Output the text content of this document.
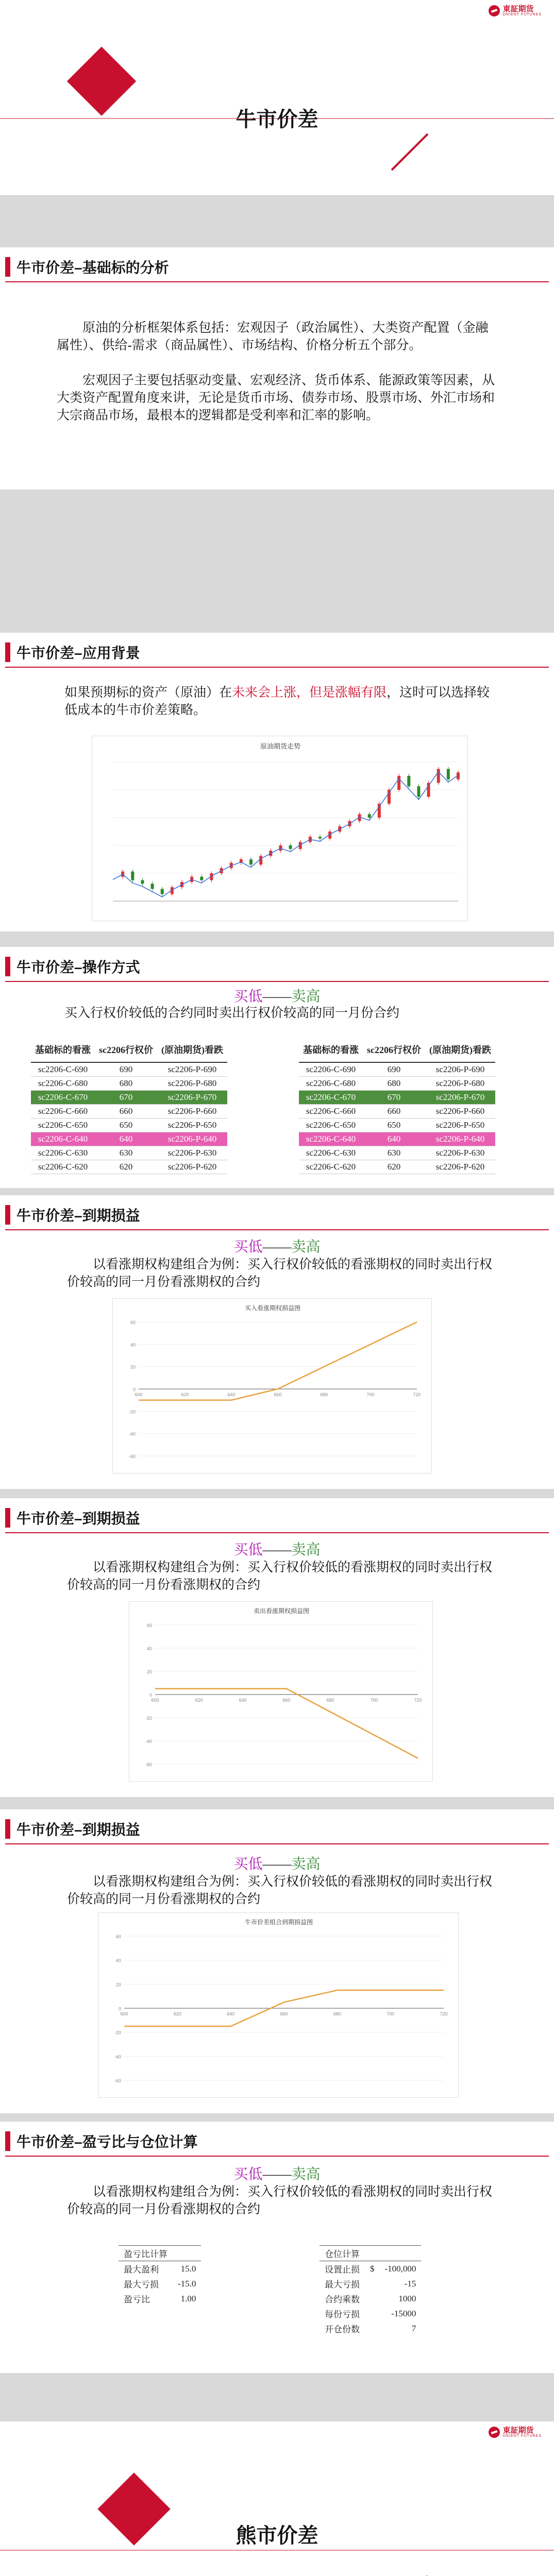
東証期货
ORIENT FUTURES
牛市价差
牛市价差–基础标的分析
原油的分析框架体系包括：宏观因子（政治属性）、大类资产配置（金融属性）、供给-需求（商品属性）、市场结构、价格分析五个部分。
宏观因子主要包括驱动变量、宏观经济、货币体系、能源政策等因素，从大类资产配置角度来讲，无论是货币市场、债券市场、股票市场、外汇市场和大宗商品市场，最根本的逻辑都是受利率和汇率的影响。
牛市价差–应用背景
如果预期标的资产（原油）在未来会上涨，但是涨幅有限，这时可以选择较低成本的牛市价差策略。
原油期货走势
牛市价差–操作方式
买低——卖高
买入行权价较低的合约同时卖出行权价较高的同一月份合约
基础标的看涨	sc2206行权价	(原油期货)看跌
sc2206-C-690	690	sc2206-P-690
sc2206-C-680	680	sc2206-P-680
sc2206-C-670	670	sc2206-P-670
sc2206-C-660	660	sc2206-P-660
sc2206-C-650	650	sc2206-P-650
sc2206-C-640	640	sc2206-P-640
sc2206-C-630	630	sc2206-P-630
sc2206-C-620	620	sc2206-P-620
基础标的看涨	sc2206行权价	(原油期货)看跌
sc2206-C-690	690	sc2206-P-690
sc2206-C-680	680	sc2206-P-680
sc2206-C-670	670	sc2206-P-670
sc2206-C-660	660	sc2206-P-660
sc2206-C-650	650	sc2206-P-650
sc2206-C-640	640	sc2206-P-640
sc2206-C-630	630	sc2206-P-630
sc2206-C-620	620	sc2206-P-620
牛市价差–到期损益
买低——卖高
以看涨期权构建组合为例：买入行权价较低的看涨期权的同时卖出行权价较高的同一月份看涨期权的合约
买入看涨期权损益图
-60
-40
-20
0
20
40
60
600	620	640	660	680	700	720
牛市价差–到期损益
买低——卖高
以看涨期权构建组合为例：买入行权价较低的看涨期权的同时卖出行权价较高的同一月份看涨期权的合约
卖出看涨期权损益图
-60
-40
-20
0
20
40
60
600	620	640	660	680	700	720
牛市价差–到期损益
买低——卖高
以看涨期权构建组合为例：买入行权价较低的看涨期权的同时卖出行权价较高的同一月份看涨期权的合约
牛市价差组合到期损益图
-60
-40
-20
0
20
40
60
600	620	640	660	680	700	720
牛市价差–盈亏比与仓位计算
买低——卖高
以看涨期权构建组合为例：买入行权价较低的看涨期权的同时卖出行权价较高的同一月份看涨期权的合约
盈亏比计算	
最大盈利	15.0
最大亏损	-15.0
盈亏比	1.00
仓位计算		
设置止损	$	-100,000
最大亏损		-15
合约乘数		1000
每份亏损		-15000
开仓份数		7
東証期货
ORIENT FUTURES
熊市价差
